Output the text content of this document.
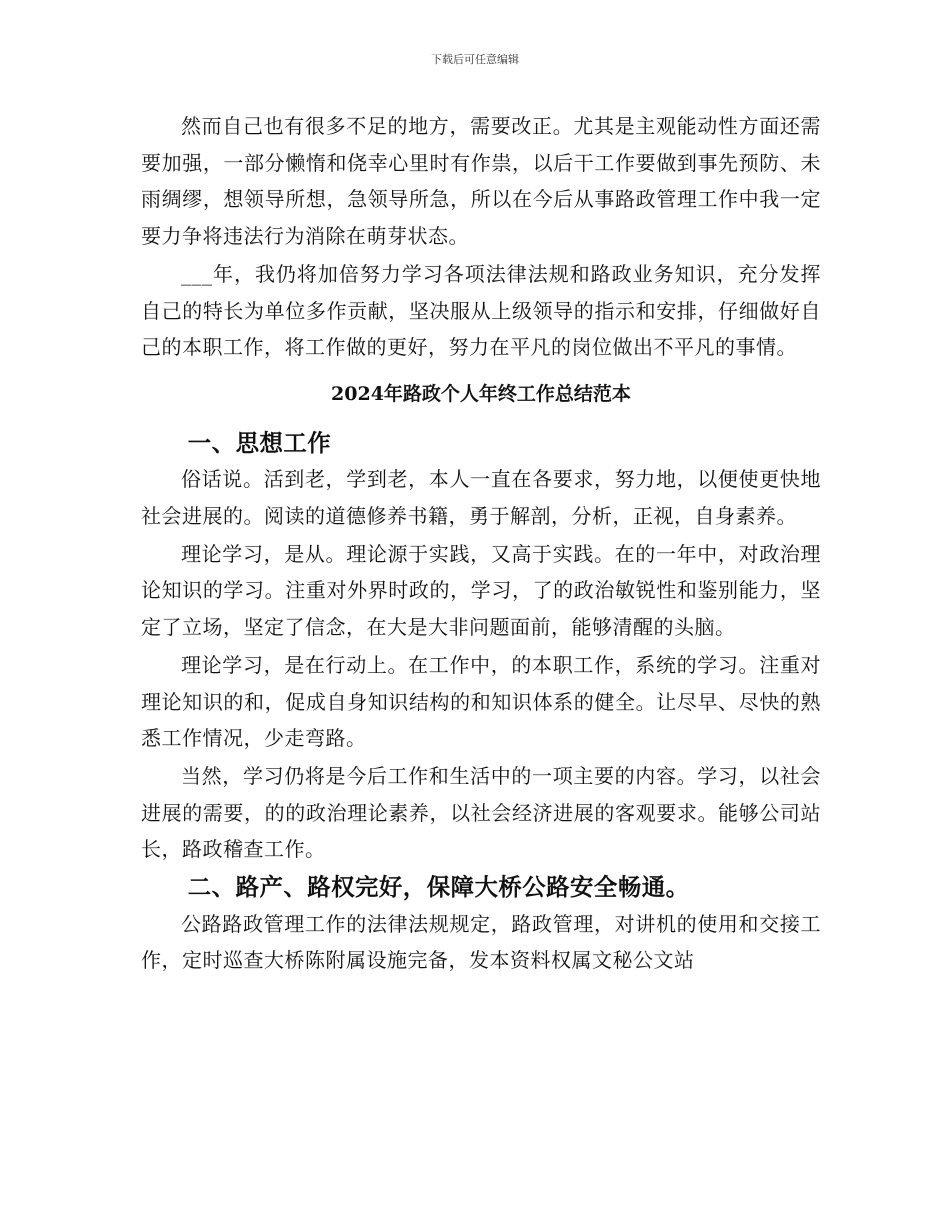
下载后可任意编辑

然而自己也有很多不足的地方，需要改正。尤其是主观能动性方面还需要加强，一部分懒惰和侥幸心里时有作祟，以后干工作要做到事先预防、未雨绸缪，想领导所想，急领导所急，所以在今后从事路政管理工作中我一定要力争将违法行为消除在萌芽状态。

___年，我仍将加倍努力学习各项法律法规和路政业务知识，充分发挥自己的特长为单位多作贡献，坚决服从上级领导的指示和安排，仔细做好自己的本职工作，将工作做的更好，努力在平凡的岗位做出不平凡的事情。

2024年路政个人年终工作总结范本
一、思想工作

俗话说。活到老，学到老，本人一直在各要求，努力地，以便使更快地社会进展的。阅读的道德修养书籍，勇于解剖，分析，正视，自身素养。

理论学习，是从。理论源于实践，又高于实践。在的一年中，对政治理论知识的学习。注重对外界时政的，学习，了的政治敏锐性和鉴别能力，坚定了立场，坚定了信念，在大是大非问题面前，能够清醒的头脑。

理论学习，是在行动上。在工作中，的本职工作，系统的学习。注重对理论知识的和，促成自身知识结构的和知识体系的健全。让尽早、尽快的熟悉工作情况，少走弯路。

当然，学习仍将是今后工作和生活中的一项主要的内容。学习，以社会进展的需要，的的政治理论素养，以社会经济进展的客观要求。能够公司站长，路政稽查工作。

二、路产、路权完好，保障大桥公路安全畅通。

公路路政管理工作的法律法规规定，路政管理，对讲机的使用和交接工作，定时巡查大桥陈附属设施完备，发本资料权属文秘公文站
